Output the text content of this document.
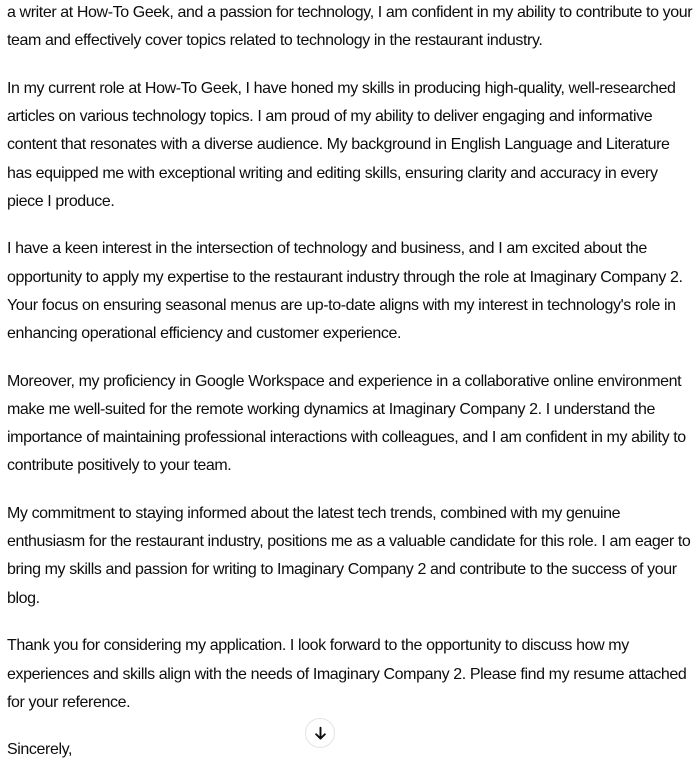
a writer at How-To Geek, and a passion for technology, I am confident in my ability to contribute to your team and effectively cover topics related to technology in the restaurant industry.

In my current role at How-To Geek, I have honed my skills in producing high-quality, well-researched articles on various technology topics. I am proud of my ability to deliver engaging and informative content that resonates with a diverse audience. My background in English Language and Literature has equipped me with exceptional writing and editing skills, ensuring clarity and accuracy in every piece I produce.

I have a keen interest in the intersection of technology and business, and I am excited about the opportunity to apply my expertise to the restaurant industry through the role at Imaginary Company 2. Your focus on ensuring seasonal menus are up-to-date aligns with my interest in technology's role in enhancing operational efficiency and customer experience.

Moreover, my proficiency in Google Workspace and experience in a collaborative online environment make me well-suited for the remote working dynamics at Imaginary Company 2. I understand the importance of maintaining professional interactions with colleagues, and I am confident in my ability to contribute positively to your team.

My commitment to staying informed about the latest tech trends, combined with my genuine enthusiasm for the restaurant industry, positions me as a valuable candidate for this role. I am eager to bring my skills and passion for writing to Imaginary Company 2 and contribute to the success of your blog.

Thank you for considering my application. I look forward to the opportunity to discuss how my experiences and skills align with the needs of Imaginary Company 2. Please find my resume attached for your reference.

Sincerely,
